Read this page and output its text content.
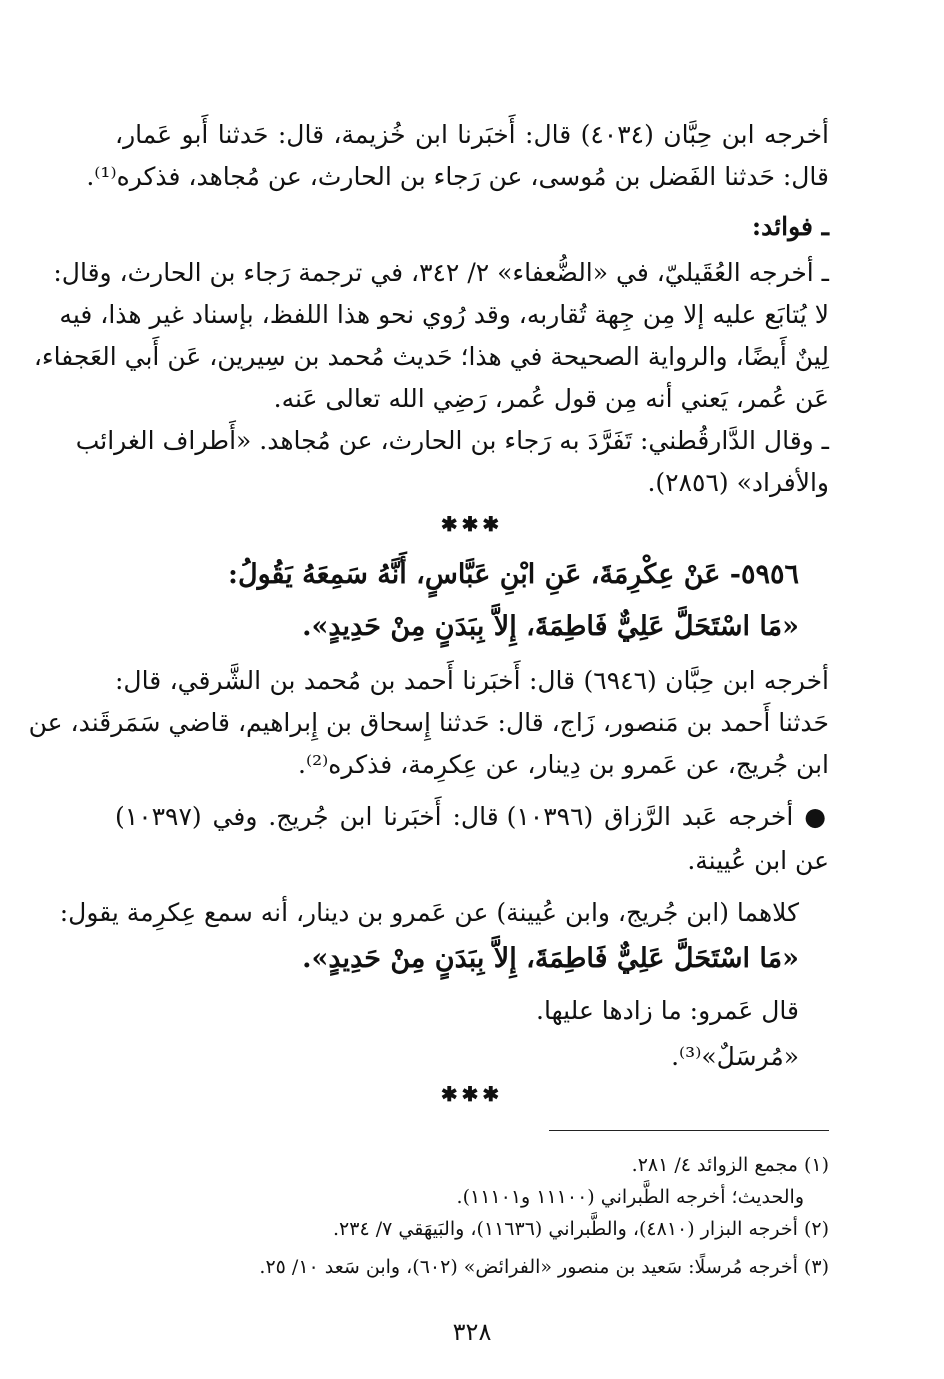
أخرجه ابن حِبَّان (٤٠٣٤) قال: أَخبَرنا ابن خُزيمة، قال: حَدثنا أَبو عَمار،
قال: حَدثنا الفَضل بن مُوسى، عن رَجاء بن الحارث، عن مُجاهد، فذكره⁽¹⁾.
ـ فوائد:
ـ أخرجه العُقَيليّ، في «الضُّعفاء» ٢/ ٣٤٢، في ترجمة رَجاء بن الحارث، وقال:
لا يُتابَع عليه إلا مِن جِهة تُقاربه، وقد رُوي نحو هذا اللفظ، بإسناد غير هذا، فيه
لِينٌ أَيضًا، والرواية الصحيحة في هذا؛ حَديث مُحمد بن سِيرين، عَن أَبي العَجفاء،
عَن عُمر، يَعني أنه مِن قول عُمر، رَضِي الله تعالى عَنه.
ـ وقال الدَّارقُطني: تَفَرَّدَ به رَجاء بن الحارث، عن مُجاهد. «أَطراف الغرائب
والأفراد» (٢٨٥٦).
✱✱✱
٥٩٥٦- عَنْ عِكْرِمَةَ، عَنِ ابْنِ عَبَّاسٍ، أَنَّهُ سَمِعَهُ يَقُولُ:
«مَا اسْتَحَلَّ عَلِيٌّ فَاطِمَةَ، إِلاَّ بِبَدَنٍ مِنْ حَدِيدٍ».
أخرجه ابن حِبَّان (٦٩٤٦) قال: أَخبَرنا أَحمد بن مُحمد بن الشَّرقي، قال:
حَدثنا أَحمد بن مَنصور، زَاج، قال: حَدثنا إِسحاق بن إِبراهيم، قاضي سَمَرقَند، عن
ابن جُريج، عن عَمرو بن دِينار، عن عِكرِمة، فذكره⁽²⁾.
● أخرجه عَبد الرَّزاق (١٠٣٩٦) قال: أَخبَرنا ابن جُريج. وفي (١٠٣٩٧)
عن ابن عُيينة.
كلاهما (ابن جُريج، وابن عُيينة) عن عَمرو بن دينار، أنه سمع عِكرِمة يقول:
«مَا اسْتَحَلَّ عَلِيٌّ فَاطِمَةَ، إِلاَّ بِبَدَنٍ مِنْ حَدِيدٍ».
قال عَمرو: ما زادها عليها.
«مُرسَلٌ»⁽³⁾.
✱✱✱
(١) مجمع الزوائد ٤/ ٢٨١.
والحديث؛ أخرجه الطَّبراني (١١١٠٠ و١١١٠١).
(٢) أخرجه البزار (٤٨١٠)، والطَّبراني (١١٦٣٦)، والبَيهَقي ٧/ ٢٣٤.
(٣) أخرجه مُرسلًا: سَعيد بن منصور «الفرائض» (٦٠٢)، وابن سَعد ١٠/ ٢٥.
٣٢٨
